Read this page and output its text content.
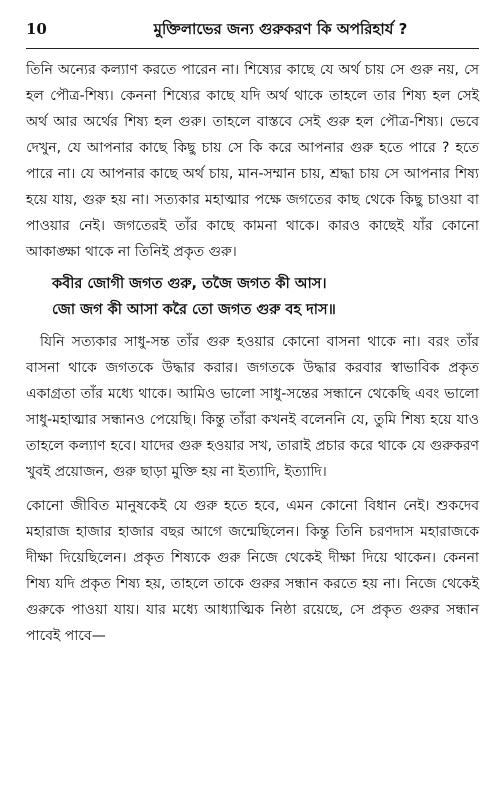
10	মুক্তিলাভের জন্য গুরুকরণ কি অপরিহার্য ?

তিনি অন্যের কল্যাণ করতে পারেন না। শিষ্যের কাছে যে অর্থ চায় সে গুরু নয়, সে হল পৌত্র-শিষ্য। কেননা শিষ্যের কাছে যদি অর্থ থাকে তাহলে তার শিষ্য হল সেই অর্থ আর অর্থের শিষ্য হল গুরু। তাহলে বাস্তবে সেই গুরু হল পৌত্র-শিষ্য। ভেবে দেখুন, যে আপনার কাছে কিছু চায় সে কি করে আপনার গুরু হতে পারে ? হতে পারে না। যে আপনার কাছে অর্থ চায়, মান-সম্মান চায়, শ্রদ্ধা চায় সে আপনার শিষ্য হয়ে যায়, গুরু হয় না। সত্যকার মহাত্মার পক্ষে জগতের কাছ থেকে কিছু চাওয়া বা পাওয়ার নেই। জগতেরই তাঁর কাছে কামনা থাকে। কারও কাছেই যাঁর কোনো আকাঙ্ক্ষা থাকে না তিনিই প্রকৃত গুরু।

কবীর জোগী জগত গুরু, তজৈ জগত কী আস।
জো জগ কী আসা করৈ তো জগত গুরু বহ দাস॥

যিনি সত্যকার সাধু-সন্ত তাঁর গুরু হওয়ার কোনো বাসনা থাকে না। বরং তাঁর বাসনা থাকে জগতকে উদ্ধার করার। জগতকে উদ্ধার করবার স্বাভাবিক প্রকৃত একাগ্রতা তাঁর মধ্যে থাকে। আমিও ভালো সাধু-সন্তের সন্ধানে থেকেছি এবং ভালো সাধু-মহাত্মার সন্ধানও পেয়েছি। কিন্তু তাঁরা কখনই বলেননি যে, তুমি শিষ্য হয়ে যাও তাহলে কল্যাণ হবে। যাদের গুরু হওয়ার সখ, তারাই প্রচার করে থাকে যে গুরুকরণ খুবই প্রয়োজন, গুরু ছাড়া মুক্তি হয় না ইত্যাদি, ইত্যাদি।

কোনো জীবিত মানুষকেই যে গুরু হতে হবে, এমন কোনো বিধান নেই। শুকদেব মহারাজ হাজার হাজার বছর আগে জন্মেছিলেন। কিন্তু তিনি চরণদাস মহারাজকে দীক্ষা দিয়েছিলেন। প্রকৃত শিষ্যকে গুরু নিজে থেকেই দীক্ষা দিয়ে থাকেন। কেননা শিষ্য যদি প্রকৃত শিষ্য হয়, তাহলে তাকে গুরুর সন্ধান করতে হয় না। নিজে থেকেই গুরুকে পাওয়া যায়। যার মধ্যে আধ্যাত্মিক নিষ্ঠা রয়েছে, সে প্রকৃত গুরুর সন্ধান পাবেই পাবে—
